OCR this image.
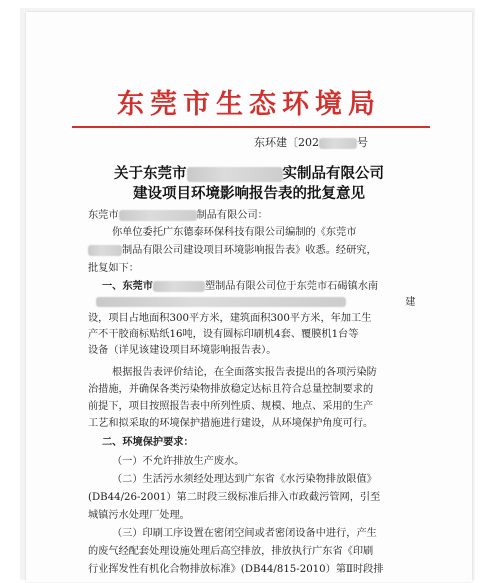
东莞市生态环境局
东环建〔202	号
关于东莞市	实制品有限公司
建设项目环境影响报告表的批复意见
东莞市	制品有限公司：
你单位委托广东德泰环保科技有限公司编制的《东莞市
制品有限公司建设项目环境影响报告表》收悉。经研究，
批复如下：
一、东莞市	塑制品有限公司位于东莞市石碣镇水南
建
设，项目占地面积300平方米，建筑面积300平方米，年加工生
产不干胶商标贴纸16吨，设有圆标印刷机4套、覆膜机1台等
设备（详见该建设项目环境影响报告表）。
根据报告表评价结论，在全面落实报告表提出的各项污染防
治措施，并确保各类污染物排放稳定达标且符合总量控制要求的
前提下，项目按照报告表中所列性质、规模、地点、采用的生产
工艺和拟采取的环境保护措施进行建设，从环境保护角度可行。
二、环境保护要求：
（一）不允许排放生产废水。
（二）生活污水须经处理达到广东省《水污染物排放限值》
(DB44/26-2001）第二时段三级标准后排入市政截污管网，引至
城镇污水处理厂处理。
（三）印刷工序设置在密闭空间或者密闭设备中进行，产生
的废气经配套处理设施处理后高空排放，排放执行广东省《印刷
行业挥发性有机化合物排放标准》(DB44/815-2010）第Ⅱ时段排
